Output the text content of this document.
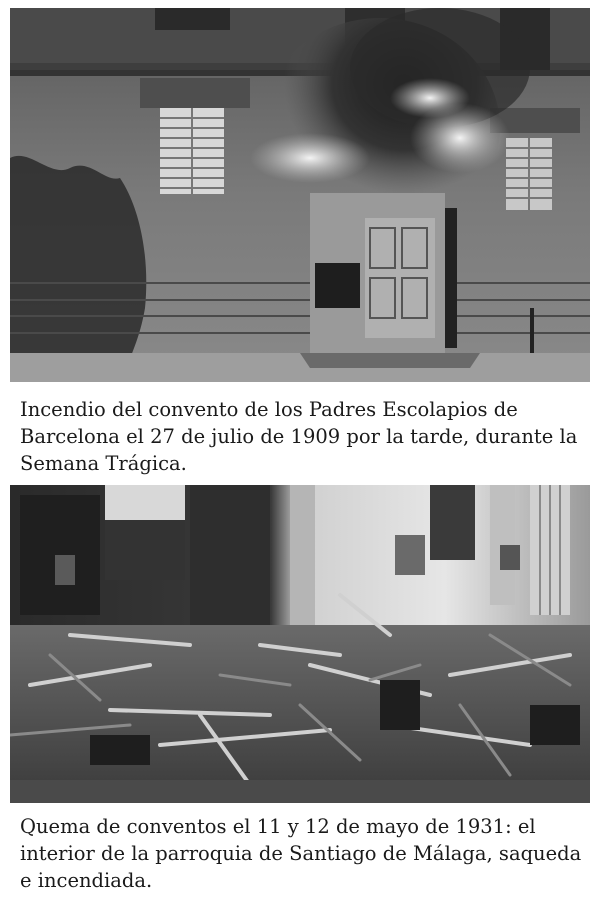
Incendio del convento de los Padres Escolapios de Barcelona el 27 de julio de 1909 por la tarde, durante la Semana Trágica.

Quema de conventos el 11 y 12 de mayo de 1931: el interior de la parroquia de Santiago de Málaga, saqueda e incendiada.
